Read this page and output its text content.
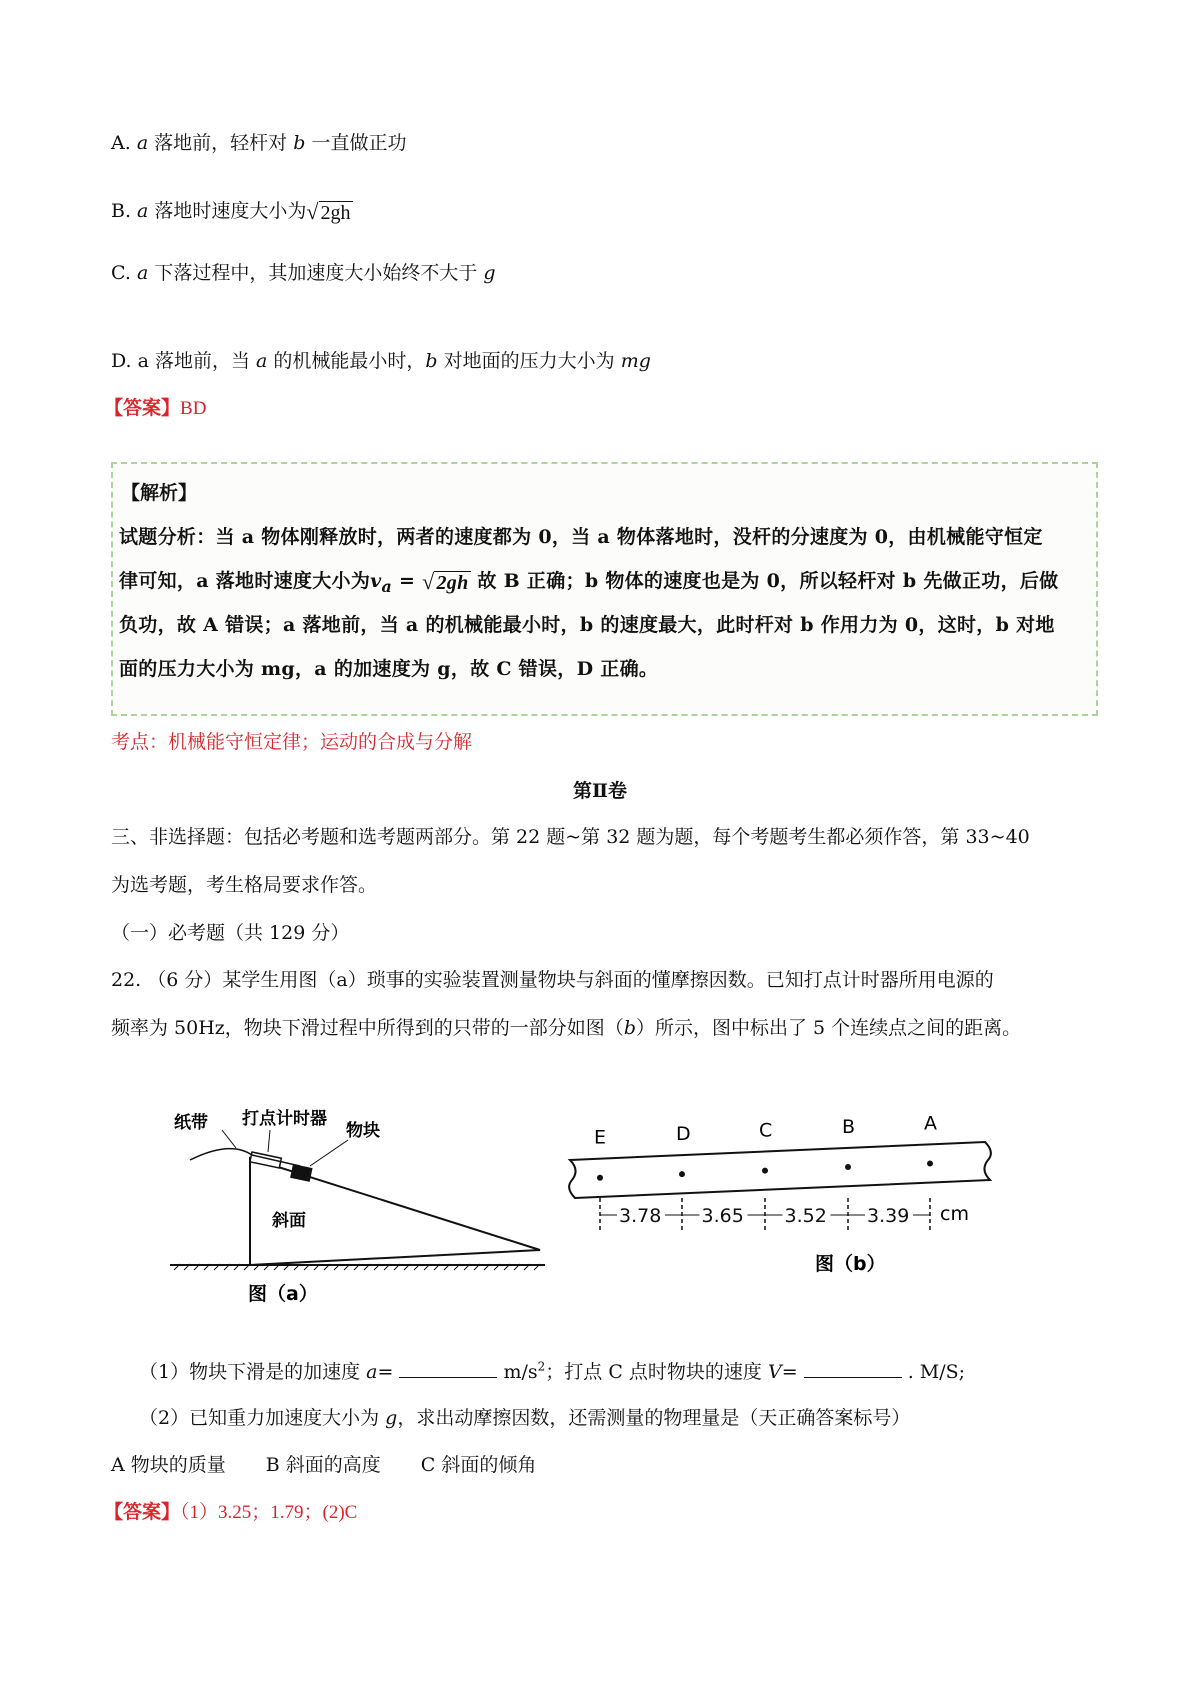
A. a 落地前，轻杆对 b 一直做正功
B. a 落地时速度大小为√ 2gh
C. a 下落过程中，其加速度大小始终不大于 g
D. a 落地前，当 a 的机械能最小时，b 对地面的压力大小为 mg
【答案】BD
【解析】
试题分析：当 a 物体刚释放时，两者的速度都为 0，当 a 物体落地时，没杆的分速度为 0，由机械能守恒定
律可知，a 落地时速度大小为$v_a$ = √ 2gh 故 B 正确；b 物体的速度也是为 0，所以轻杆对 b 先做正功，后做
负功，故 A 错误；a 落地前，当 a 的机械能最小时，b 的速度最大，此时杆对 b 作用力为 0，这时，b 对地
面的压力大小为 mg，a 的加速度为 g，故 C 错误，D 正确。
考点：机械能守恒定律；运动的合成与分解
第Ⅱ卷
三、非选择题：包括必考题和选考题两部分。第 22 题~第 32 题为题，每个考题考生都必须作答，第 33~40
为选考题，考生格局要求作答。
（一）必考题（共 129 分）
22. （6 分）某学生用图（a）琐事的实验装置测量物块与斜面的懂摩擦因数。已知打点计时器所用电源的
频率为 50Hz，物块下滑过程中所得到的只带的一部分如图（b）所示，图中标出了 5 个连续点之间的距离。
纸带 打点计时器
物块
斜面
图（a）
E	D	C	B	A
3.78 3.65 3.52 3.39 cm
图（b）
（1）物块下滑是的加速度 a=	$m/s^2$；打点 C 点时物块的速度 V=	. M/S;
（2）已知重力加速度大小为 g，求出动摩擦因数，还需测量的物理量是（天正确答案标号）
A 物块的质量 B 斜面的高度 C 斜面的倾角
【答案】（1）3.25；1.79；(2)C
